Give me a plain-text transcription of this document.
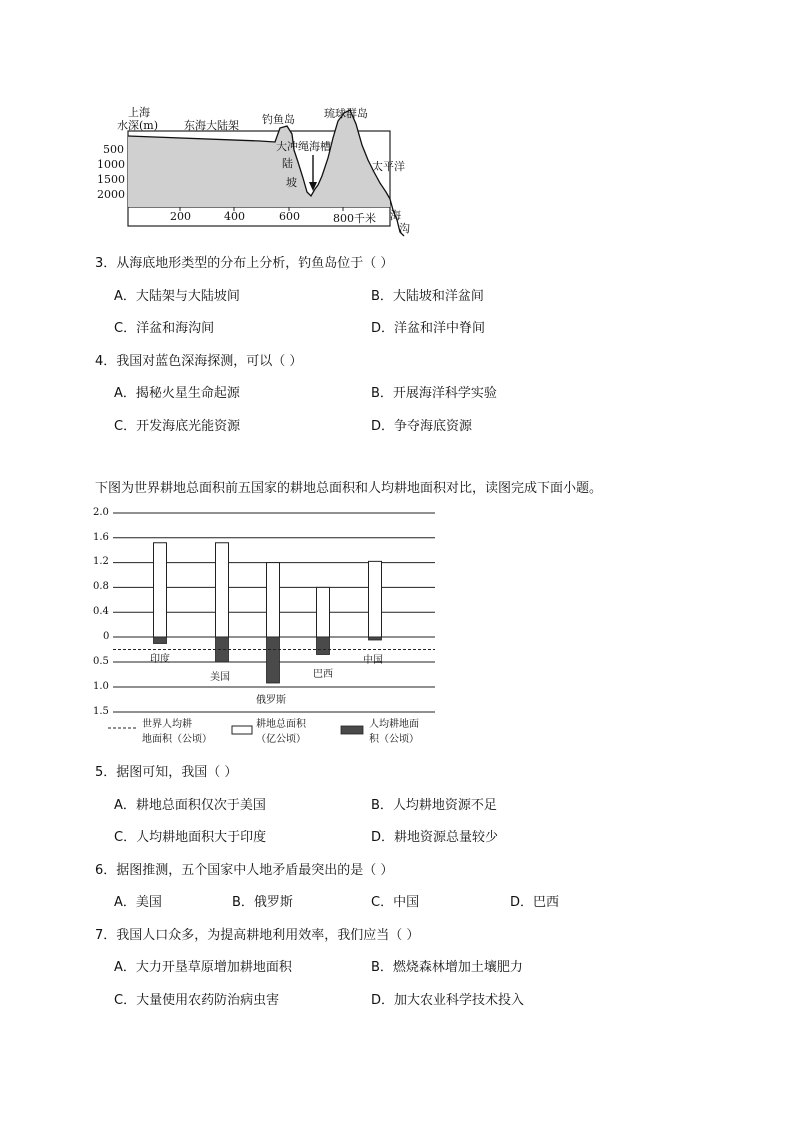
上海
水深(m) 东海大陆架 钓鱼岛	琉球群岛
大冲绳海槽
陆
坡
太平洋
海
沟
500
1000
1500
2000
200	400	600	800千米
3．从海底地形类型的分布上分析，钓鱼岛位于（ ）
A．大陆架与大陆坡间	B．大陆坡和洋盆间
C．洋盆和海沟间	D．洋盆和洋中脊间
4．我国对蓝色深海探测，可以（ ）
A．揭秘火星生命起源	B．开展海洋科学实验
C．开发海底光能资源	D．争夺海底资源
下图为世界耕地总面积前五国家的耕地总面积和人均耕地面积对比，读图完成下面小题。
2.0
1.6
1.2
0.8
0.4
0
0.5
1.0
1.5
印度
美国
俄罗斯
巴西
中国
世界人均耕
地面积（公顷）
耕地总面积
（亿公顷）
人均耕地面
积（公顷）
5．据图可知，我国（ ）
A．耕地总面积仅次于美国	B．人均耕地资源不足
C．人均耕地面积大于印度	D．耕地资源总量较少
6．据图推测，五个国家中人地矛盾最突出的是（ ）
A．美国	B．俄罗斯	C．中国	D．巴西
7．我国人口众多，为提高耕地利用效率，我们应当（ ）
A．大力开垦草原增加耕地面积	B．燃烧森林增加土壤肥力
C．大量使用农药防治病虫害	D．加大农业科学技术投入
